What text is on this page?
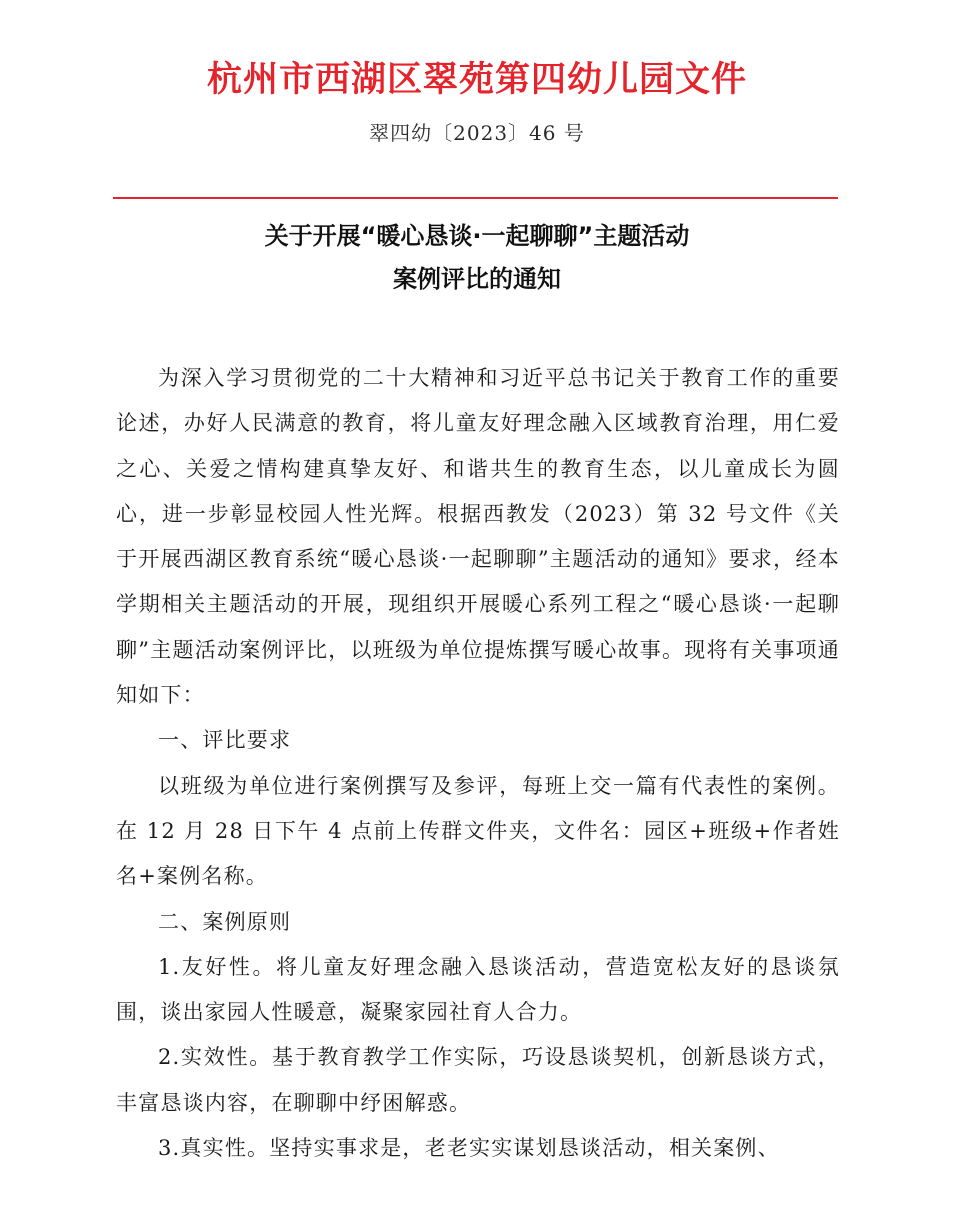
杭州市西湖区翠苑第四幼儿园文件
翠四幼〔2023〕46 号
关于开展“暖心恳谈·一起聊聊”主题活动
案例评比的通知

为深入学习贯彻党的二十大精神和习近平总书记关于教育工作的重要论述，办好人民满意的教育，将儿童友好理念融入区域教育治理，用仁爱之心、关爱之情构建真挚友好、和谐共生的教育生态，以儿童成长为圆心，进一步彰显校园人性光辉。根据西教发（2023）第 32 号文件《关于开展西湖区教育系统“暖心恳谈·一起聊聊”主题活动的通知》要求，经本学期相关主题活动的开展，现组织开展暖心系列工程之“暖心恳谈·一起聊聊”主题活动案例评比，以班级为单位提炼撰写暖心故事。现将有关事项通知如下：

一、评比要求

以班级为单位进行案例撰写及参评，每班上交一篇有代表性的案例。在 12 月 28 日下午 4 点前上传群文件夹，文件名：园区+班级+作者姓名+案例名称。

二、案例原则

1.友好性。将儿童友好理念融入恳谈活动，营造宽松友好的恳谈氛围，谈出家园人性暖意，凝聚家园社育人合力。

2.实效性。基于教育教学工作实际，巧设恳谈契机，创新恳谈方式，丰富恳谈内容，在聊聊中纾困解惑。

3.真实性。坚持实事求是，老老实实谋划恳谈活动，相关案例、
